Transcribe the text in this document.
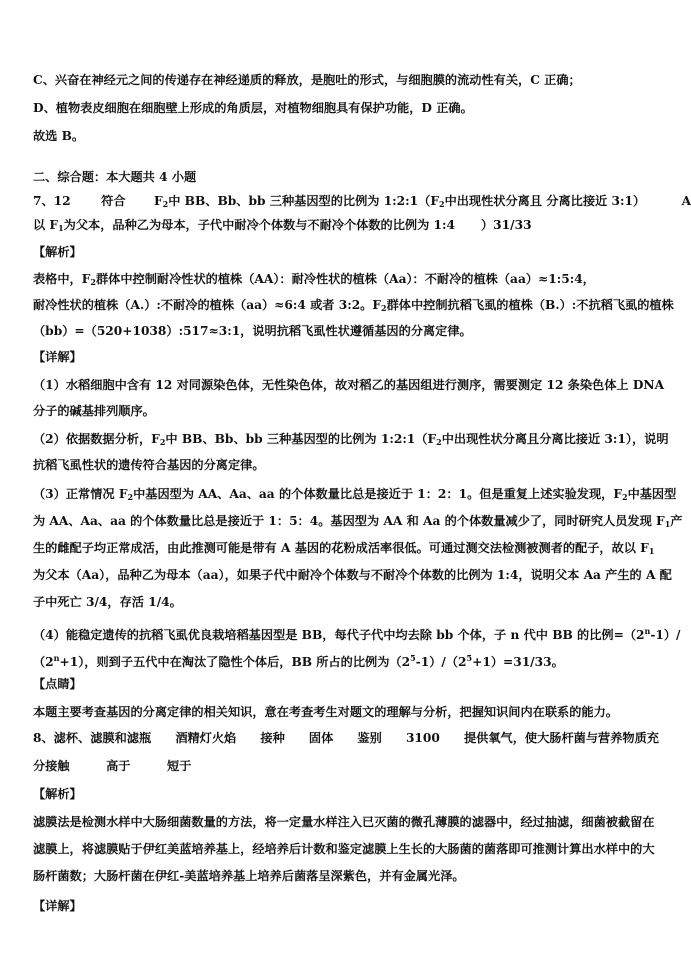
C、兴奋在神经元之间的传递存在神经递质的释放，是胞吐的形式，与细胞膜的流动性有关，C 正确；
D、植物表皮细胞在细胞壁上形成的角质层，对植物细胞具有保护功能，D 正确。
故选 B。
二、综合题：本大题共 4 小题
7、12	符合 $F_2$中 BB、Bb、bb 三种基因型的比例为 $1:2:1(F_2$中出现性状分离且 分离比接近 3:1）	A
以 $F_1$为父本，品种乙为母本，子代中耐冷个体数与不耐冷个体数的比例为 1:4 ）31/33
【解析】
表格中，$F_2$群体中控制耐冷性状的植株（AA）：耐冷性状的植株（Aa）：不耐冷的植株（aa）≈1:5:4，
耐冷性状的植株（A.）:不耐冷的植株（aa）≈6:4 或者 3:2。$F_2$群体中控制抗稻飞虱的植株（B.）:不抗稻飞虱的植株
（bb）=（520+1038）:517≈3:1，说明抗稻飞虱性状遵循基因的分离定律。
【详解】
（1）水稻细胞中含有 12 对同源染色体，无性染色体，故对稻乙的基因组进行测序，需要测定 12 条染色体上 DNA
分子的碱基排列顺序。
（2）依据数据分析，$F_2$中 BB、Bb、bb 三种基因型的比例为 $1:2:1(F_2$中出现性状分离且分离比接近 3:1），说明
抗稻飞虱性状的遗传符合基因的分离定律。
（3）正常情况 $F_2$中基因型为 AA、Aa、aa 的个体数量比总是接近于 1：2：1。但是重复上述实验发现，$F_2$中基因型
为 AA、Aa、aa 的个体数量比总是接近于 1：5：4。基因型为 AA 和 Aa 的个体数量减少了，同时研究人员发现 $F_1$产
生的雌配子均正常成活，由此推测可能是带有 A 基因的花粉成活率很低。可通过测交法检测被测者的配子，故以 $F_1$
为父本（Aa），品种乙为母本（aa），如果子代中耐冷个体数与不耐冷个体数的比例为 1:4，说明父本 Aa 产生的 A 配
子中死亡 3/4，存活 1/4。
（4）能稳定遗传的抗稻飞虱优良栽培稻基因型是 BB，每代子代中均去除 bb 个体，子 n 代中 BB 的比例$=(2^n-1)/$
$(2^n+1)$，则到子五代中在淘汰了隐性个体后，BB 所占的比例为$(2^5-1)/(2^5+1)=31/33$。
【点睛】
本题主要考查基因的分离定律的相关知识，意在考查考生对题文的理解与分析，把握知识间内在联系的能力。
8、滤杯、滤膜和滤瓶 酒精灯火焰 接种 固体 鉴别 3100 提供氧气，使大肠杆菌与营养物质充
分接触	高于	短于
【解析】
滤膜法是检测水样中大肠细菌数量的方法，将一定量水样注入已灭菌的微孔薄膜的滤器中，经过抽滤，细菌被截留在
滤膜上，将滤膜贴于伊红美蓝培养基上，经培养后计数和鉴定滤膜上生长的大肠菌的菌落即可推测计算出水样中的大
肠杆菌数；大肠杆菌在伊红-美蓝培养基上培养后菌落呈深紫色，并有金属光泽。
【详解】
